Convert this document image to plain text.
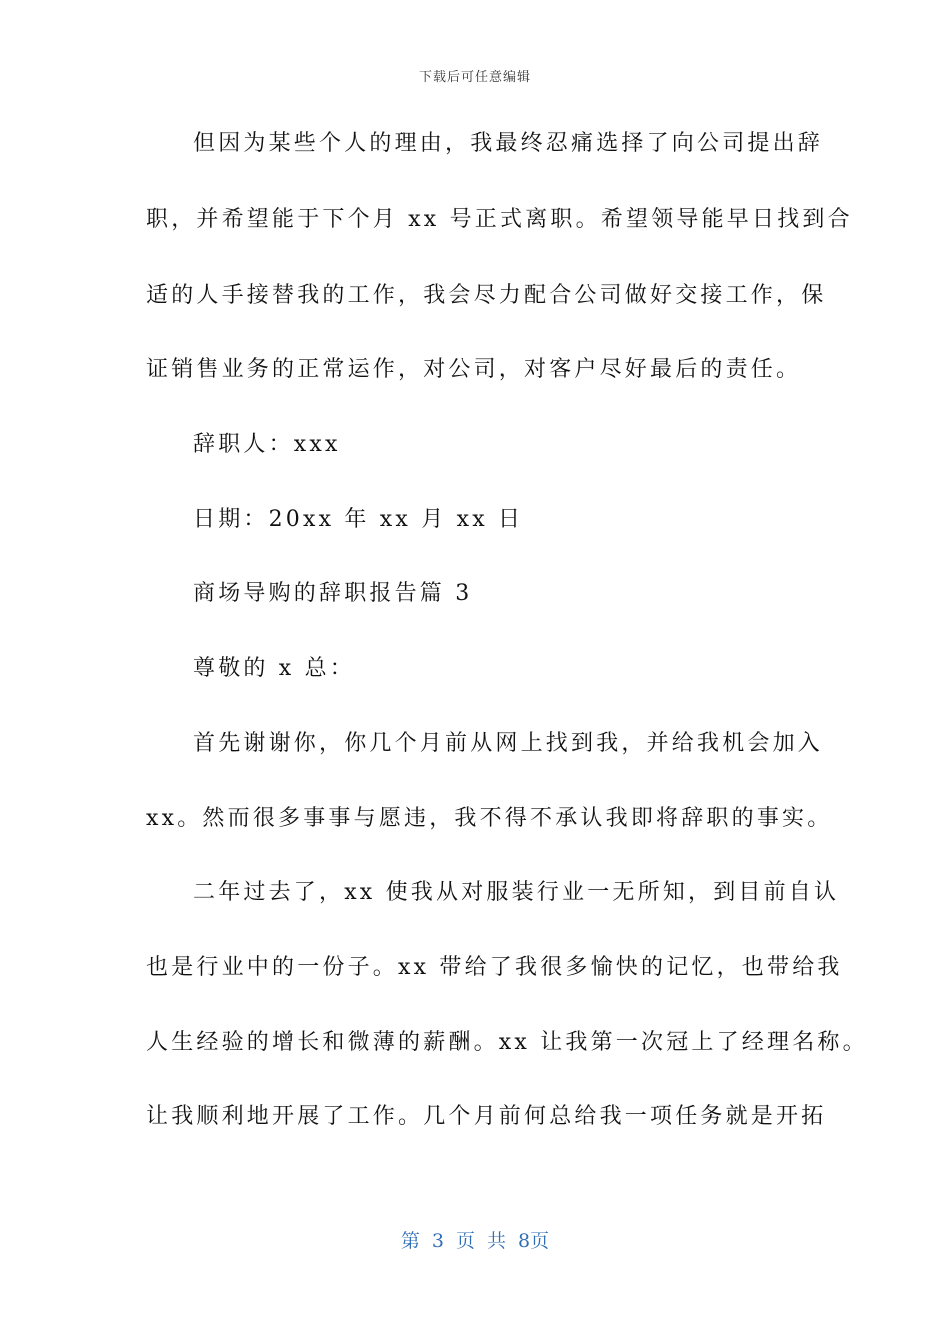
下载后可任意编辑
但因为某些个人的理由，我最终忍痛选择了向公司提出辞
职，并希望能于下个月 xx 号正式离职。希望领导能早日找到合
适的人手接替我的工作，我会尽力配合公司做好交接工作，保
证销售业务的正常运作，对公司，对客户尽好最后的责任。
辞职人：xxx
日期：20xx 年 xx 月 xx 日
商场导购的辞职报告篇 3
尊敬的 x 总：
首先谢谢你，你几个月前从网上找到我，并给我机会加入
xx。然而很多事事与愿违，我不得不承认我即将辞职的事实。
二年过去了，xx 使我从对服装行业一无所知，到目前自认
也是行业中的一份子。xx 带给了我很多愉快的记忆，也带给我
人生经验的增长和微薄的薪酬。xx 让我第一次冠上了经理名称。
让我顺利地开展了工作。几个月前何总给我一项任务就是开拓
第 3 页 共 8页
